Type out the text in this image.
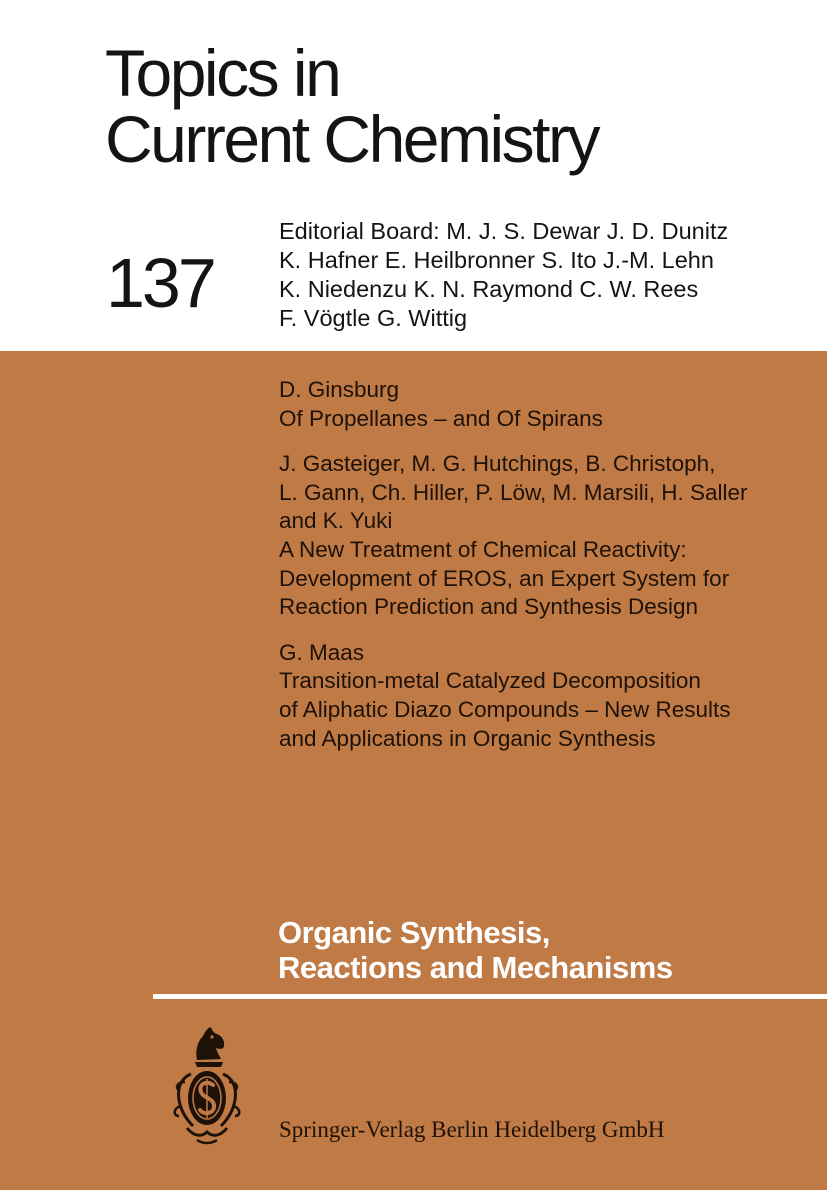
Topics in
Current Chemistry
137
Editorial Board: M. J. S. Dewar J. D. Dunitz
K. Hafner E. Heilbronner S. Ito J.-M. Lehn
K. Niedenzu K. N. Raymond C. W. Rees
F. Vögtle G. Wittig
D. Ginsburg
Of Propellanes – and Of Spirans
J. Gasteiger, M. G. Hutchings, B. Christoph,
L. Gann, Ch. Hiller, P. Löw, M. Marsili, H. Saller
and K. Yuki
A New Treatment of Chemical Reactivity:
Development of EROS, an Expert System for
Reaction Prediction and Synthesis Design
G. Maas
Transition-metal Catalyzed Decomposition
of Aliphatic Diazo Compounds – New Results
and Applications in Organic Synthesis
Organic Synthesis,
Reactions and Mechanisms
Springer-Verlag Berlin Heidelberg GmbH
